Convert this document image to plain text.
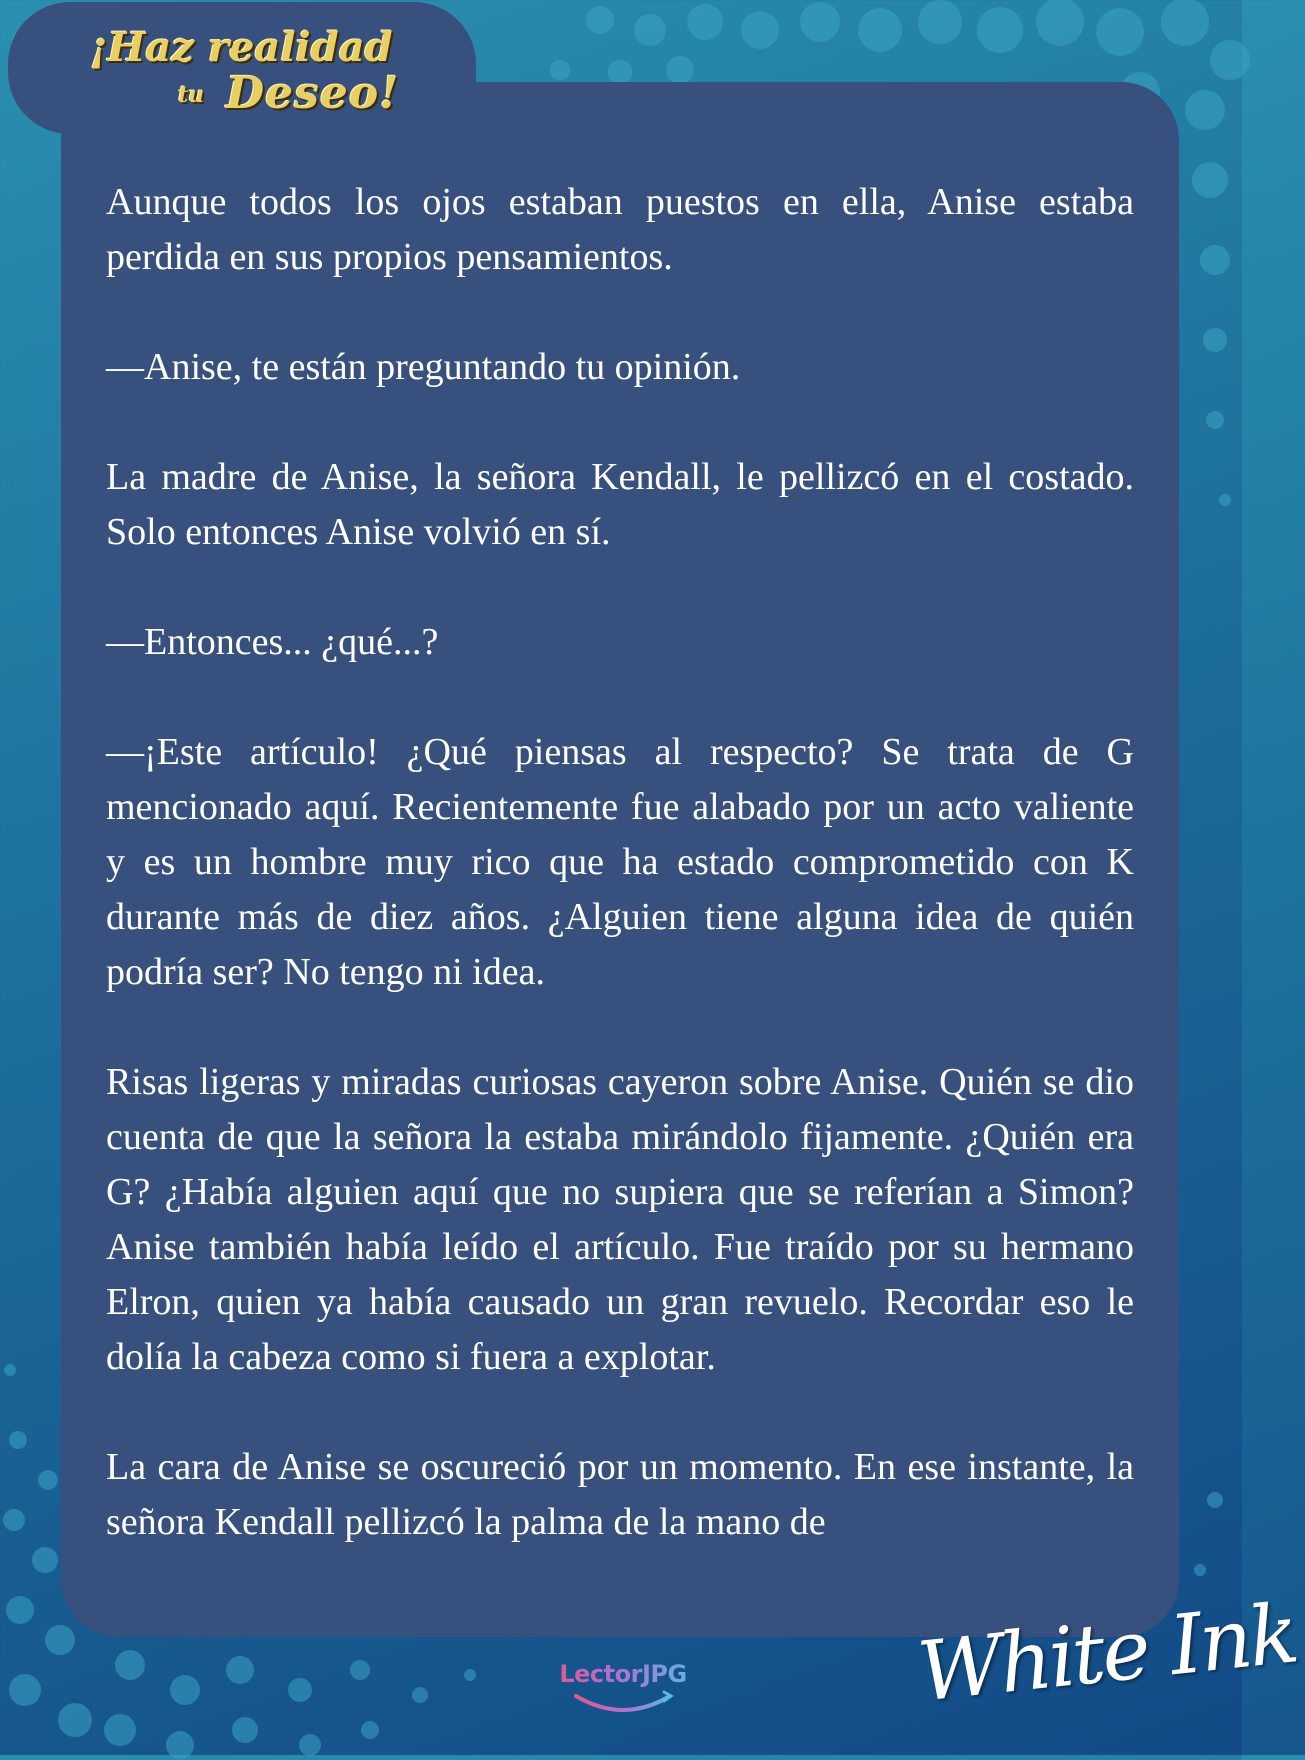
¡Haz realidad
tu Deseo!

Aunque todos los ojos estaban puestos en ella, Anise estaba perdida en sus propios pensamientos.

—Anise, te están preguntando tu opinión.

La madre de Anise, la señora Kendall, le pellizcó en el costado. Solo entonces Anise volvió en sí.

—Entonces... ¿qué...?

—¡Este artículo! ¿Qué piensas al respecto? Se trata de G mencionado aquí. Recientemente fue alabado por un acto valiente y es un hombre muy rico que ha estado comprometido con K durante más de diez años. ¿Alguien tiene alguna idea de quién podría ser? No tengo ni idea.

Risas ligeras y miradas curiosas cayeron sobre Anise. Quién se dio cuenta de que la señora la estaba mirándolo fijamente. ¿Quién era G? ¿Había alguien aquí que no supiera que se referían a Simon? Anise también había leído el artículo. Fue traído por su hermano Elron, quien ya había causado un gran revuelo. Recordar eso le dolía la cabeza como si fuera a explotar.

La cara de Anise se oscureció por un momento. En ese instante, la señora Kendall pellizcó la palma de la mano de

LectorJPG	White Ink
